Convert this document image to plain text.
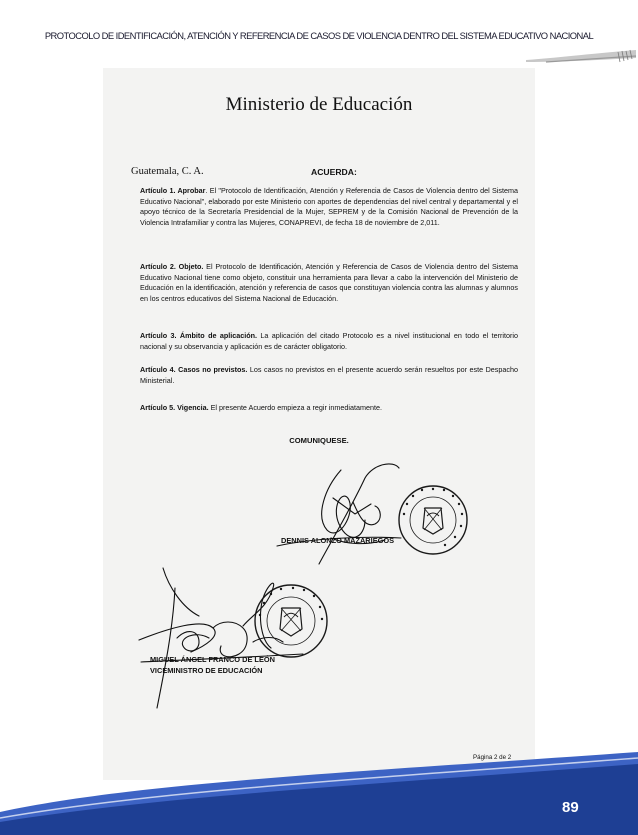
PROTOCOLO DE IDENTIFICACIÓN, ATENCIÓN Y REFERENCIA DE CASOS DE VIOLENCIA DENTRO DEL SISTEMA EDUCATIVO NACIONAL
Ministerio de Educación
Guatemala, C. A.	ACUERDA:
Artículo 1. Aprobar. El "Protocolo de Identificación, Atención y Referencia de Casos de Violencia dentro del Sistema Educativo Nacional", elaborado por este Ministerio con aportes de dependencias del nivel central y departamental y el apoyo técnico de la Secretaría Presidencial de la Mujer, SEPREM y de la Comisión Nacional de Prevención de la Violencia Intrafamiliar y contra las Mujeres, CONAPREVI, de fecha 18 de noviembre de 2,011.
Artículo 2. Objeto. El Protocolo de Identificación, Atención y Referencia de Casos de Violencia dentro del Sistema Educativo Nacional tiene como objeto, constituir una herramienta para llevar a cabo la intervención del Ministerio de Educación en la identificación, atención y referencia de casos que constituyan violencia contra las alumnas y alumnos en los centros educativos del Sistema Nacional de Educación.
Artículo 3. Ámbito de aplicación. La aplicación del citado Protocolo es a nivel institucional en todo el territorio nacional y su observancia y aplicación es de carácter obligatorio.
Artículo 4. Casos no previstos. Los casos no previstos en el presente acuerdo serán resueltos por este Despacho Ministerial.
Artículo 5. Vigencia. El presente Acuerdo empieza a regir inmediatamente.
COMUNIQUESE.
DENNIS ALONZO MAZARIEGOS
MIGUEL ÁNGEL FRANCO DE LEÓN
VICEMINISTRO DE EDUCACIÓN
Página 2 de 2
89
